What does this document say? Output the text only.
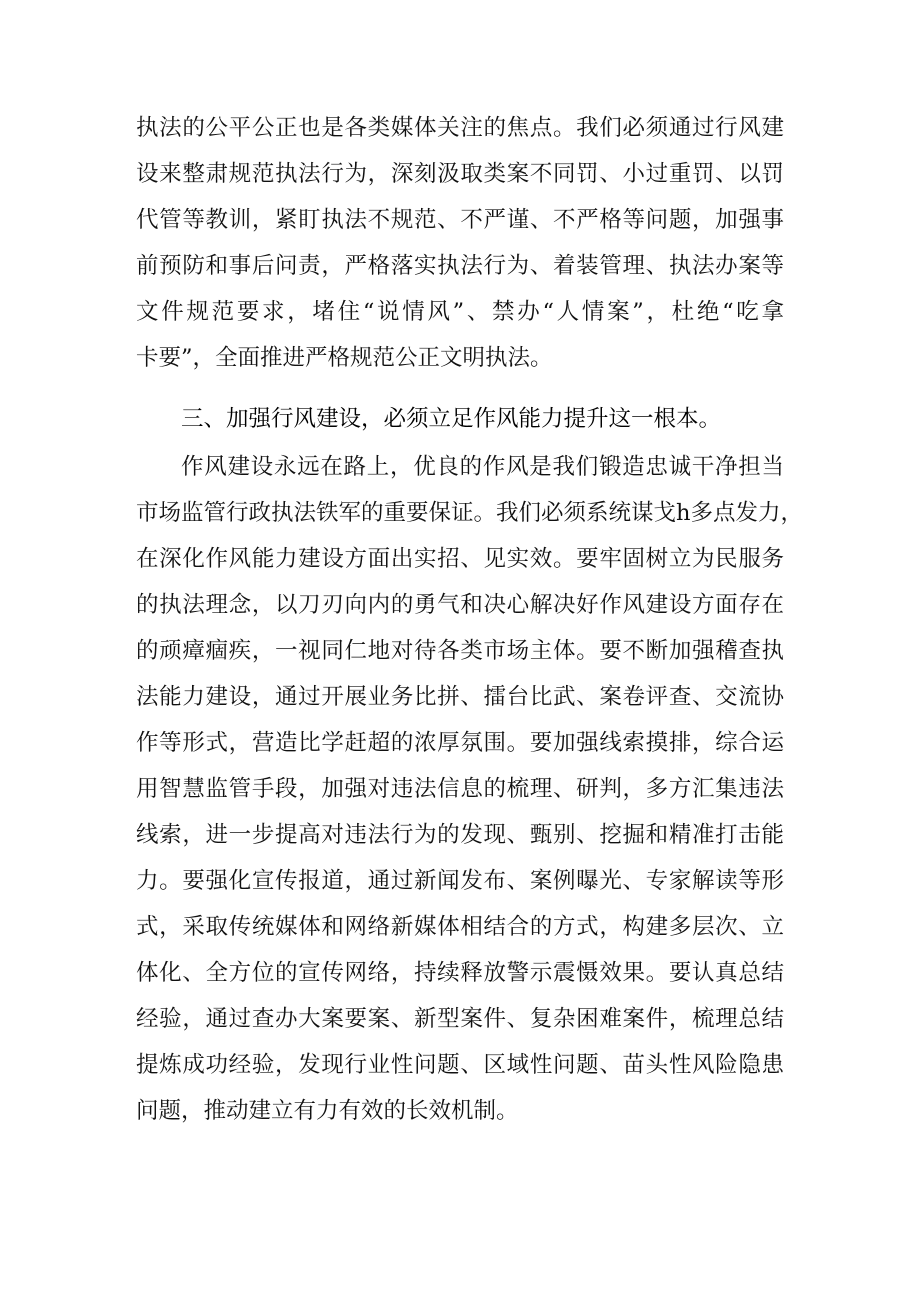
执法的公平公正也是各类媒体关注的焦点。我们必须通过行风建
设来整肃规范执法行为，深刻汲取类案不同罚、小过重罚、以罚
代管等教训，紧盯执法不规范、不严谨、不严格等问题，加强事
前预防和事后问责，严格落实执法行为、着装管理、执法办案等
文件规范要求，堵住“说情风”、禁办“人情案”，杜绝“吃拿
卡要”，全面推进严格规范公正文明执法。
三、加强行风建设，必须立足作风能力提升这一根本。
作风建设永远在路上，优良的作风是我们锻造忠诚干净担当
市场监管行政执法铁军的重要保证。我们必须系统谋戈h多点发力，
在深化作风能力建设方面出实招、见实效。要牢固树立为民服务
的执法理念，以刀刃向内的勇气和决心解决好作风建设方面存在
的顽瘴痼疾，一视同仁地对待各类市场主体。要不断加强稽查执
法能力建设，通过开展业务比拼、擂台比武、案卷评查、交流协
作等形式，营造比学赶超的浓厚氛围。要加强线索摸排，综合运
用智慧监管手段，加强对违法信息的梳理、研判，多方汇集违法
线索，进一步提高对违法行为的发现、甄别、挖掘和精准打击能
力。要强化宣传报道，通过新闻发布、案例曝光、专家解读等形
式，采取传统媒体和网络新媒体相结合的方式，构建多层次、立
体化、全方位的宣传网络，持续释放警示震慑效果。要认真总结
经验，通过查办大案要案、新型案件、复杂困难案件，梳理总结
提炼成功经验，发现行业性问题、区域性问题、苗头性风险隐患
问题，推动建立有力有效的长效机制。
